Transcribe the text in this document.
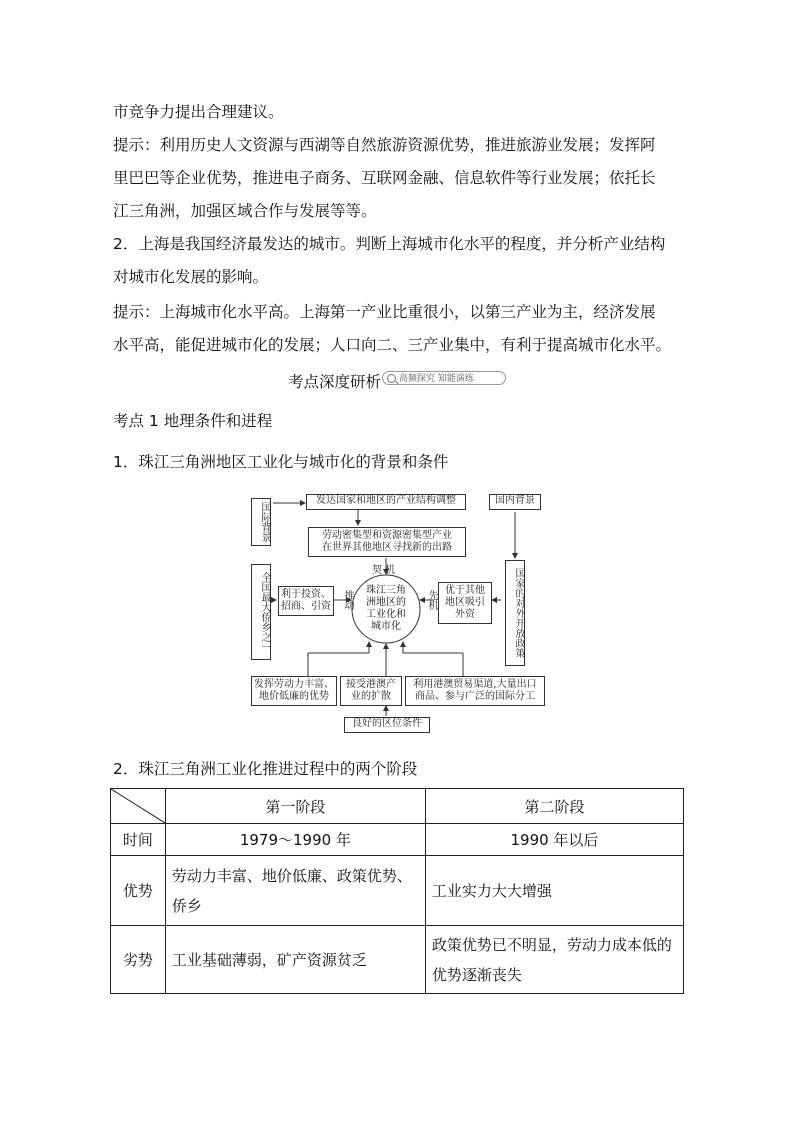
市竞争力提出合理建议。
提示：利用历史人文资源与西湖等自然旅游资源优势，推进旅游业发展；发挥阿
里巴巴等企业优势，推进电子商务、互联网金融、信息软件等行业发展；依托长
江三角洲，加强区域合作与发展等等。
2．上海是我国经济最发达的城市。判断上海城市化水平的程度，并分析产业结构
对城市化发展的影响。
提示：上海城市化水平高。上海第一产业比重很小，以第三产业为主，经济发展
水平高，能促进城市化的发展；人口向二、三产业集中，有利于提高城市化水平。
考点深度研析	高频探究 知能演练
考点 1 地理条件和进程
1．珠江三角洲地区工业化与城市化的背景和条件
国际背景
发达国家和地区的产业结构调整
劳动密集型和资源密集型产业
在世界其他地区寻找新的出路
契 机
国内背景
国家的对外开放政策
全国最大侨乡之一 利于投资、
招商、引资 推动	珠江三角
洲地区的
工业化和
城市化
先机 优于其他
地区吸引
外资
发挥劳动力丰富、
地价低廉的优势
接受港澳产
业的扩散
利用港澳贸易渠道,大量出口
商品、参与广泛的国际分工
良好的区位条件
2．珠江三角洲工业化推进过程中的两个阶段
	第一阶段	第二阶段
时间	1979～1990 年	1990 年以后
优势	劳动力丰富、地价低廉、政策优势、侨乡	工业实力大大增强
劣势	工业基础薄弱，矿产资源贫乏	政策优势已不明显，劳动力成本低的优势逐渐丧失
